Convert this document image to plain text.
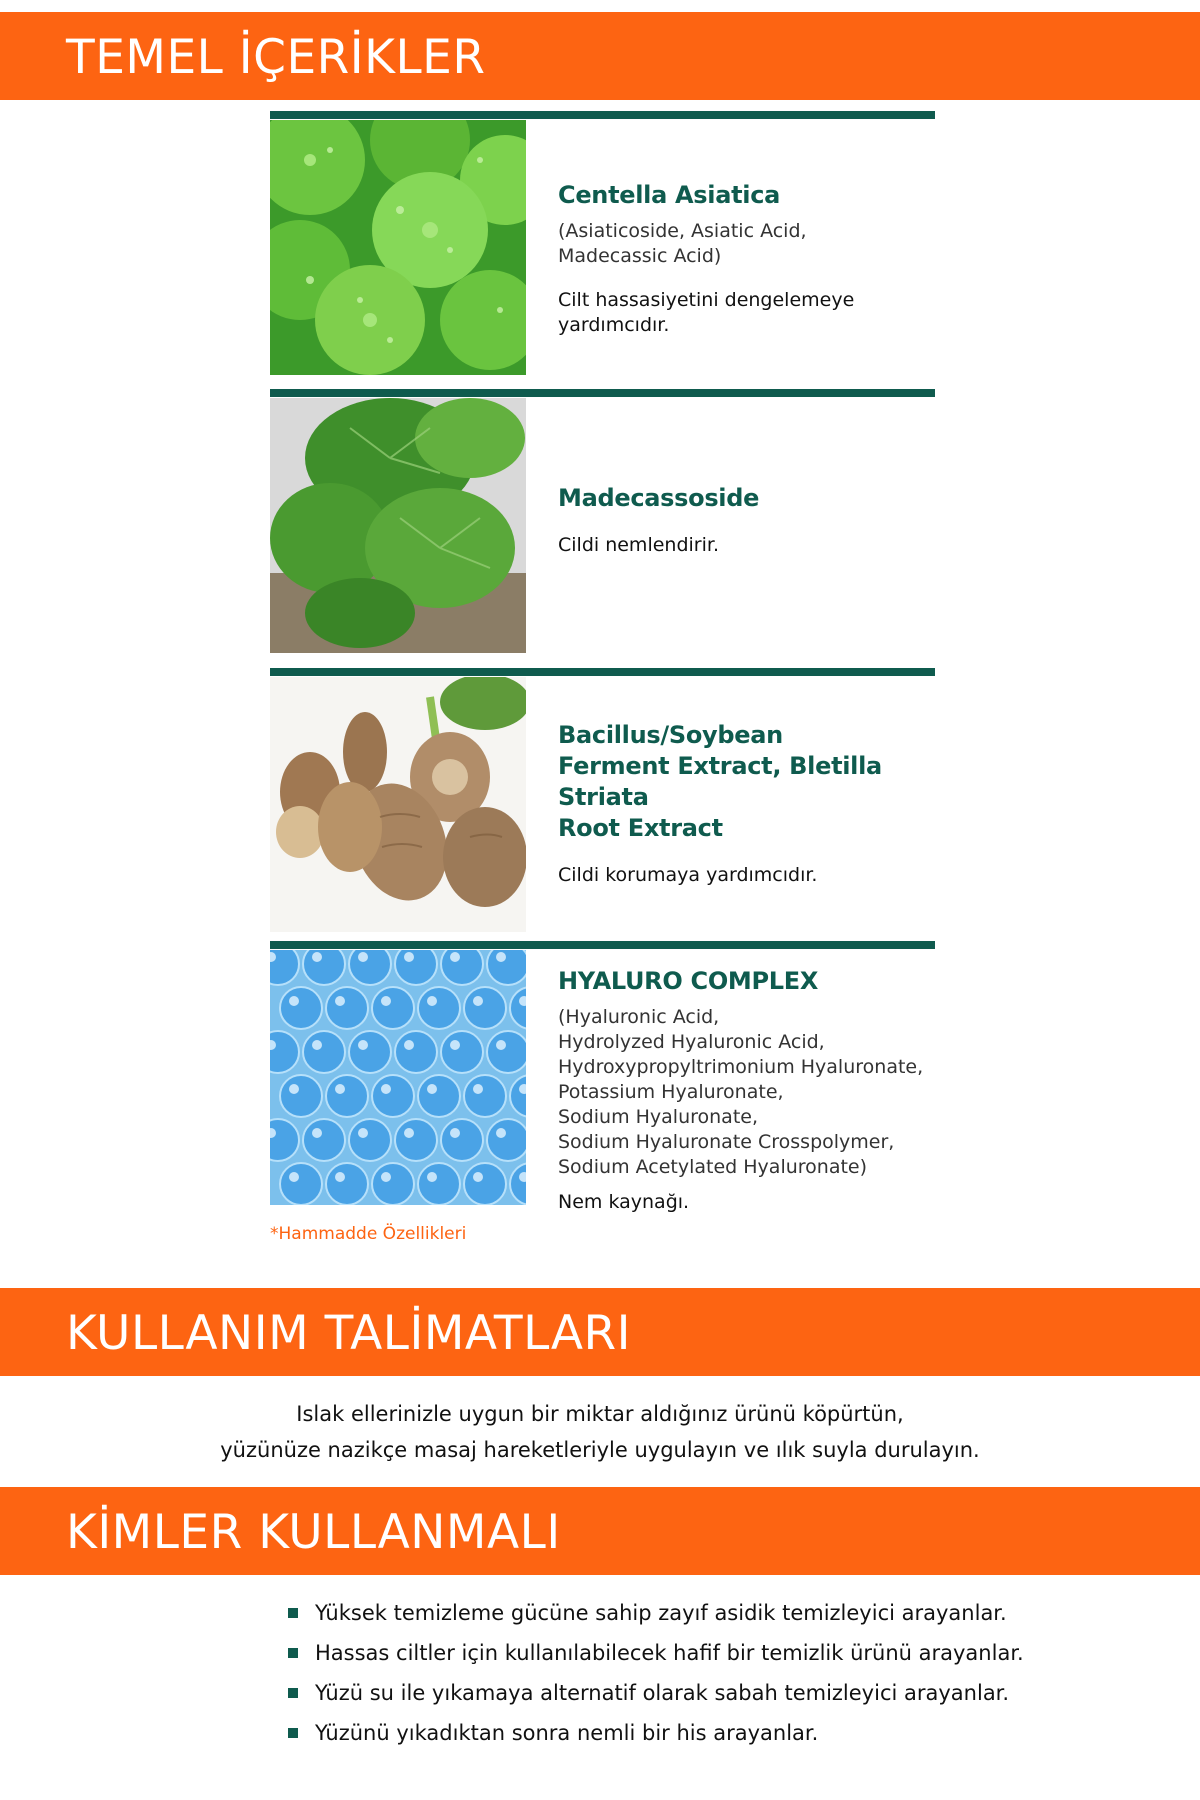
TEMEL İÇERİKLER
Centella Asiatica
(Asiaticoside, Asiatic Acid,
Madecassic Acid)
Cilt hassasiyetini dengelemeye yardımcıdır.
Madecassoside
Cildi nemlendirir.
Bacillus/Soybean
Ferment Extract, Bletilla Striata
Root Extract
Cildi korumaya yardımcıdır.
HYALURO COMPLEX
(Hyaluronic Acid,
Hydrolyzed Hyaluronic Acid,
Hydroxypropyltrimonium Hyaluronate,
Potassium Hyaluronate,
Sodium Hyaluronate,
Sodium Hyaluronate Crosspolymer,
Sodium Acetylated Hyaluronate)
Nem kaynağı.
*Hammadde Özellikleri
KULLANIM TALİMATLARI
Islak ellerinizle uygun bir miktar aldığınız ürünü köpürtün,
yüzünüze nazikçe masaj hareketleriyle uygulayın ve ılık suyla durulayın.
KİMLER KULLANMALI
Yüksek temizleme gücüne sahip zayıf asidik temizleyici arayanlar.
Hassas ciltler için kullanılabilecek hafif bir temizlik ürünü arayanlar.
Yüzü su ile yıkamaya alternatif olarak sabah temizleyici arayanlar.
Yüzünü yıkadıktan sonra nemli bir his arayanlar.
